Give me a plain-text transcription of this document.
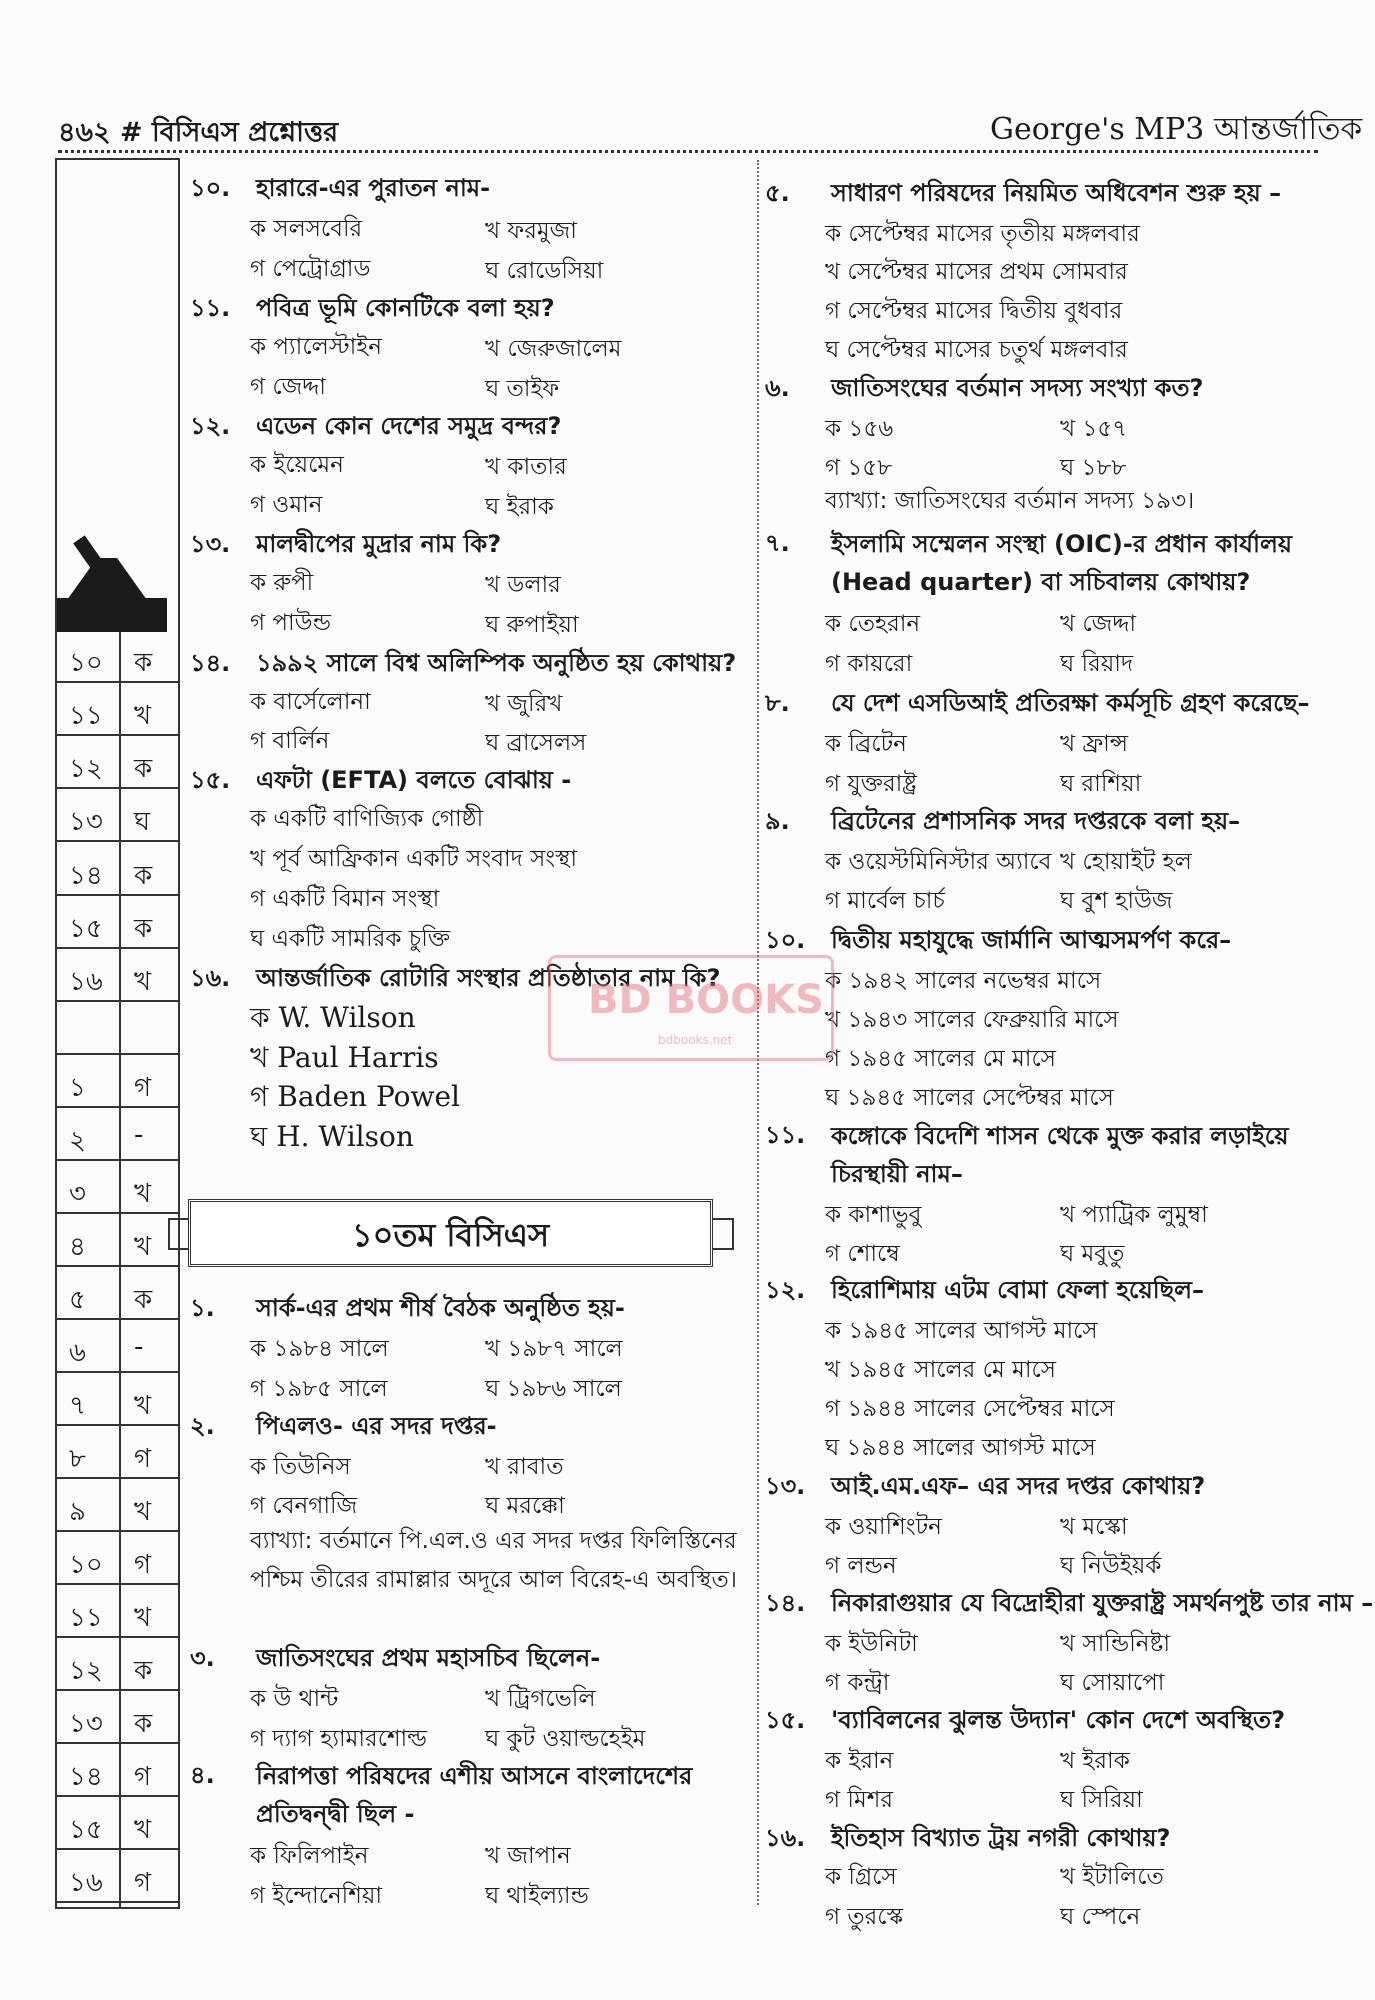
৪৬২ # বিসিএস প্রশ্নোত্তর	George's MP3 আন্তর্জাতিক
১০ ক
১১ খ
১২ ক
১৩ ঘ
১৪ ক
১৫ ক
১৬ খ
১ গ
২ -
৩ খ
৪ খ
৫ ক
৬ -
৭ খ
৮ গ
৯ খ
১০ গ
১১ খ
১২ ক
১৩ ক
১৪ গ
১৫ খ
১৬ গ
১০. হারারে-এর পুরাতন নাম-
ক সলসবেরি	খ ফরমুজা
গ পেট্রোগ্রাড	ঘ রোডেসিয়া
১১. পবিত্র ভূমি কোনটিকে বলা হয়?
ক প্যালেস্টাইন	খ জেরুজালেম
গ জেদ্দা	ঘ তাইফ
১২. এডেন কোন দেশের সমুদ্র বন্দর?
ক ইয়েমেন	খ কাতার
গ ওমান	ঘ ইরাক
১৩. মালদ্বীপের মুদ্রার নাম কি?
ক রুপী	খ ডলার
গ পাউন্ড	ঘ রুপাইয়া
১৪. ১৯৯২ সালে বিশ্ব অলিম্পিক অনুষ্ঠিত হয় কোথায়?
ক বার্সেলোনা	খ জুরিখ
গ বার্লিন	ঘ ব্রাসেলস
১৫. এফটা (EFTA) বলতে বোঝায় -
ক একটি বাণিজ্যিক গোষ্ঠী
খ পূর্ব আফ্রিকান একটি সংবাদ সংস্থা
গ একটি বিমান সংস্থা
ঘ একটি সামরিক চুক্তি
১৬. আন্তর্জাতিক রোটারি সংস্থার প্রতিষ্ঠাতার নাম কি?
ক W. Wilson
খ Paul Harris
গ Baden Powel
ঘ H. Wilson
১০তম বিসিএস
১. সার্ক-এর প্রথম শীর্ষ বৈঠক অনুষ্ঠিত হয়-
ক ১৯৮৪ সালে	খ ১৯৮৭ সালে
গ ১৯৮৫ সালে	ঘ ১৯৮৬ সালে
২. পিএলও- এর সদর দপ্তর-
ক তিউনিস	খ রাবাত
গ বেনগাজি	ঘ মরক্কো
ব্যাখ্যা: বর্তমানে পি.এল.ও এর সদর দপ্তর ফিলিস্তিনের পশ্চিম তীরের রামাল্লার অদূরে আল বিরেহ-এ অবস্থিত।
৩. জাতিসংঘের প্রথম মহাসচিব ছিলেন-
ক উ থান্ট	খ ট্রিগভেলি
গ দ্যাগ হ্যামারশোল্ড	ঘ কুট ওয়াল্ডহেইম
৪. নিরাপত্তা পরিষদের এশীয় আসনে বাংলাদেশের প্রতিদ্বন্দ্বী ছিল -
ক ফিলিপাইন	খ জাপান
গ ইন্দোনেশিয়া	ঘ থাইল্যান্ড
৫. সাধারণ পরিষদের নিয়মিত অধিবেশন শুরু হয় –
ক সেপ্টেম্বর মাসের তৃতীয় মঙ্গলবার
খ সেপ্টেম্বর মাসের প্রথম সোমবার
গ সেপ্টেম্বর মাসের দ্বিতীয় বুধবার
ঘ সেপ্টেম্বর মাসের চতুর্থ মঙ্গলবার
৬. জাতিসংঘের বর্তমান সদস্য সংখ্যা কত?
ক ১৫৬	খ ১৫৭
গ ১৫৮	ঘ ১৮৮
ব্যাখ্যা: জাতিসংঘের বর্তমান সদস্য ১৯৩।
৭. ইসলামি সম্মেলন সংস্থা (OIC)-র প্রধান কার্যালয় (Head quarter) বা সচিবালয় কোথায়?
ক তেহরান	খ জেদ্দা
গ কায়রো	ঘ রিয়াদ
৮. যে দেশ এসডিআই প্রতিরক্ষা কর্মসূচি গ্রহণ করেছে–
ক ব্রিটেন	খ ফ্রান্স
গ যুক্তরাষ্ট্র	ঘ রাশিয়া
৯. ব্রিটেনের প্রশাসনিক সদর দপ্তরকে বলা হয়–
ক ওয়েস্টমিনিস্টার অ্যাবে খ হোয়াইট হল
গ মার্বেল চার্চ	ঘ বুশ হাউজ
১০. দ্বিতীয় মহাযুদ্ধে জার্মানি আত্মসমর্পণ করে–
ক ১৯৪২ সালের নভেম্বর মাসে
খ ১৯৪৩ সালের ফেব্রুয়ারি মাসে
গ ১৯৪৫ সালের মে মাসে
ঘ ১৯৪৫ সালের সেপ্টেম্বর মাসে
১১. কঙ্গোকে বিদেশি শাসন থেকে মুক্ত করার লড়াইয়ে চিরস্থায়ী নাম–
ক কাশাভুবু	খ প্যাট্রিক লুমুম্বা
গ শোম্বে	ঘ মবুতু
১২. হিরোশিমায় এটম বোমা ফেলা হয়েছিল–
ক ১৯৪৫ সালের আগস্ট মাসে
খ ১৯৪৫ সালের মে মাসে
গ ১৯৪৪ সালের সেপ্টেম্বর মাসে
ঘ ১৯৪৪ সালের আগস্ট মাসে
১৩. আই.এম.এফ– এর সদর দপ্তর কোথায়?
ক ওয়াশিংটন	খ মস্কো
গ লন্ডন	ঘ নিউইয়র্ক
১৪. নিকারাগুয়ার যে বিদ্রোহীরা যুক্তরাষ্ট্র সমর্থনপুষ্ট তার নাম –
ক ইউনিটা	খ সান্ডিনিষ্টা
গ কন্ট্রা	ঘ সোয়াপো
১৫. 'ব্যাবিলনের ঝুলন্ত উদ্যান' কোন দেশে অবস্থিত?
ক ইরান	খ ইরাক
গ মিশর	ঘ সিরিয়া
১৬. ইতিহাস বিখ্যাত ট্রয় নগরী কোথায়?
ক গ্রিসে	খ ইটালিতে
গ তুরস্কে	ঘ স্পেনে
BD BOOKS
bdbooks.net
